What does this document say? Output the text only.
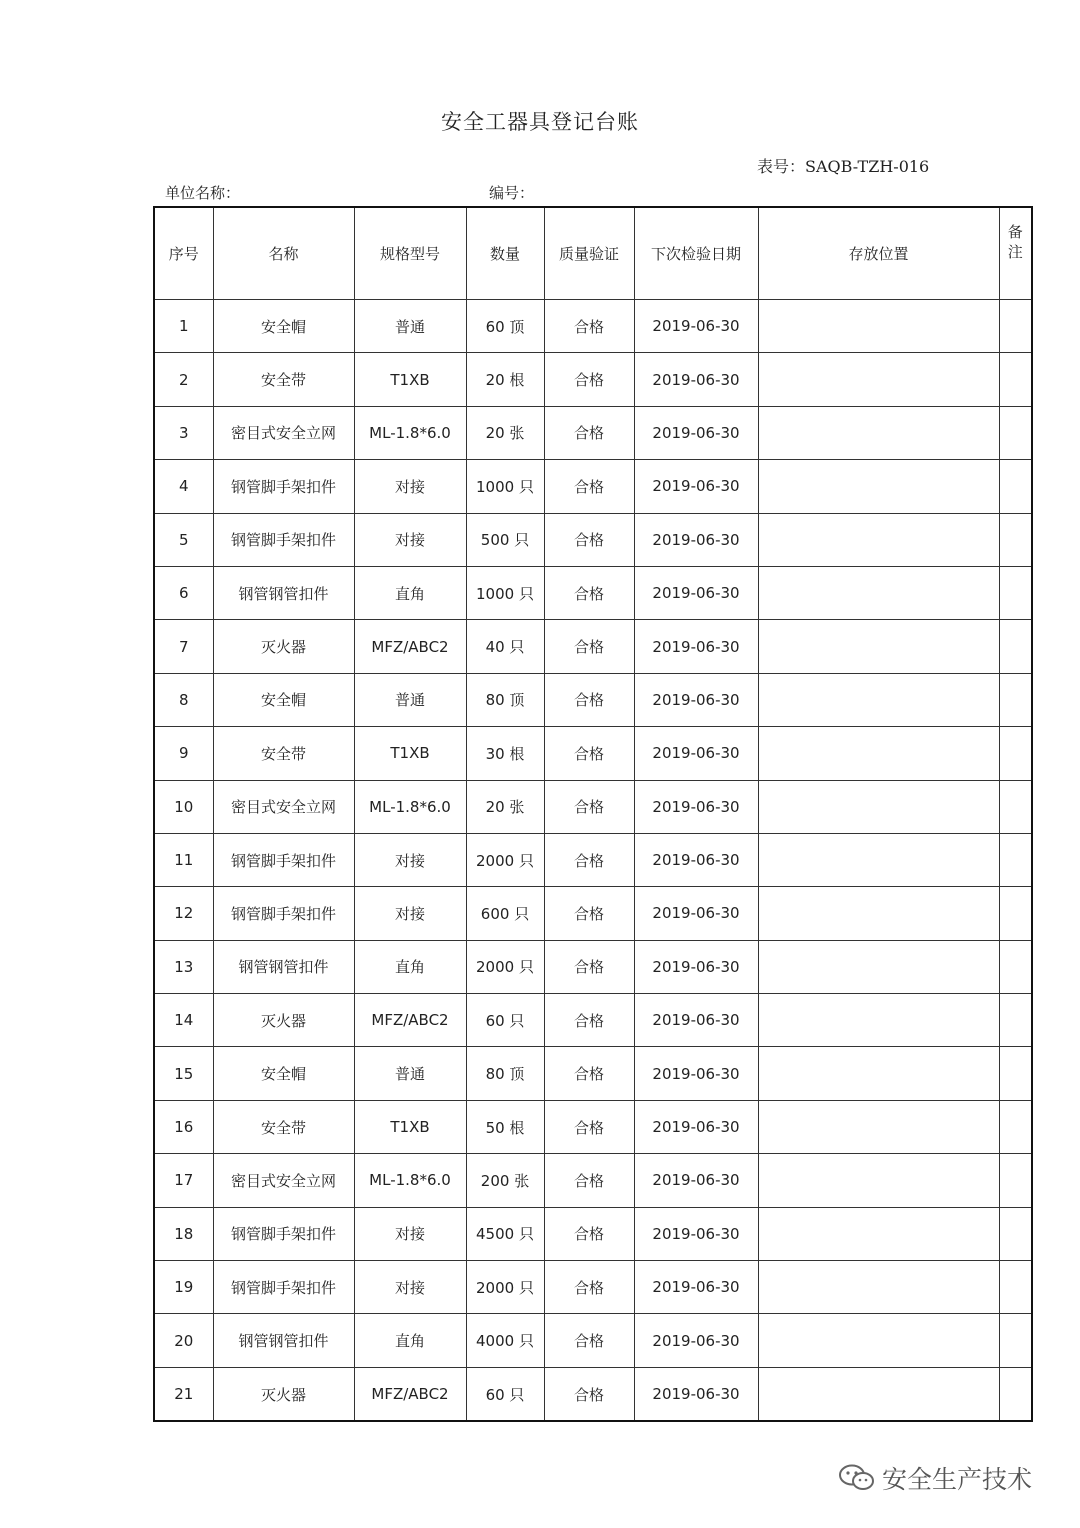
安全工器具登记台账
表号：SAQB-TZH-016
单位名称：	编号：
序号	名称	规格型号	数量	质量验证	下次检验日期	存放位置	备
注

1	安全帽	普通	60 顶	合格	2019-06-30		
2	安全带	T1XB	20 根	合格	2019-06-30		
3	密目式安全立网	ML-1.8*6.0	20 张	合格	2019-06-30		
4	钢管脚手架扣件	对接	1000 只	合格	2019-06-30		
5	钢管脚手架扣件	对接	500 只	合格	2019-06-30		
6	钢管钢管扣件	直角	1000 只	合格	2019-06-30		
7	灭火器	MFZ/ABC2	40 只	合格	2019-06-30		
8	安全帽	普通	80 顶	合格	2019-06-30		
9	安全带	T1XB	30 根	合格	2019-06-30		
10	密目式安全立网	ML-1.8*6.0	20 张	合格	2019-06-30		
11	钢管脚手架扣件	对接	2000 只	合格	2019-06-30		
12	钢管脚手架扣件	对接	600 只	合格	2019-06-30		
13	钢管钢管扣件	直角	2000 只	合格	2019-06-30		
14	灭火器	MFZ/ABC2	60 只	合格	2019-06-30		
15	安全帽	普通	80 顶	合格	2019-06-30		
16	安全带	T1XB	50 根	合格	2019-06-30		
17	密目式安全立网	ML-1.8*6.0	200 张	合格	2019-06-30		
18	钢管脚手架扣件	对接	4500 只	合格	2019-06-30		
19	钢管脚手架扣件	对接	2000 只	合格	2019-06-30		
20	钢管钢管扣件	直角	4000 只	合格	2019-06-30		
21	灭火器	MFZ/ABC2	60 只	合格	2019-06-30		
安全生产技术
